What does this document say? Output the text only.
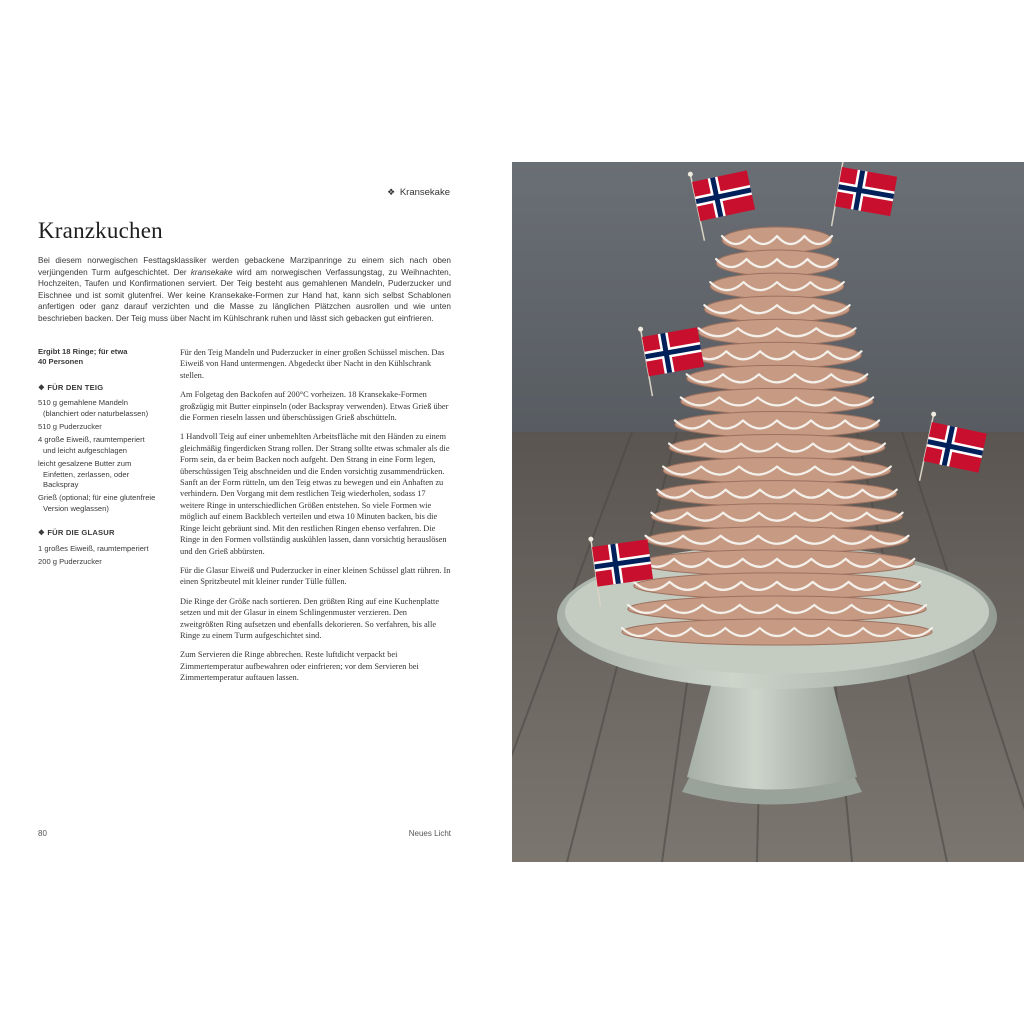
❖ Kransekake
Kranzkuchen

Bei diesem norwegischen Festtagsklassiker werden gebackene Marzipanringe zu einem sich nach oben verjüngenden Turm aufgeschichtet. Der kransekake wird am norwegischen Verfassungstag, zu Weihnachten, Hochzeiten, Taufen und Konfirmationen serviert. Der Teig besteht aus gemahlenen Mandeln, Puderzucker und Eischnee und ist somit glutenfrei. Wer keine Kransekake-Formen zur Hand hat, kann sich selbst Schablonen anfertigen oder ganz darauf verzichten und die Masse zu länglichen Plätzchen ausrollen und wie unten beschrieben backen. Der Teig muss über Nacht im Kühlschrank ruhen und lässt sich gebacken gut einfrieren.

Ergibt 18 Ringe; für etwa
40 Personen
❖ FÜR DEN TEIG
510 g gemahlene Mandeln
(blanchiert oder naturbelassen)
510 g Puderzucker
4 große Eiweiß, raumtemperiert
und leicht aufgeschlagen
leicht gesalzene Butter zum
Einfetten, zerlassen, oder
Backspray
Grieß (optional; für eine glutenfreie
Version weglassen)
❖ FÜR DIE GLASUR
1 großes Eiweiß, raumtemperiert
200 g Puderzucker

Für den Teig Mandeln und Puderzucker in einer großen Schüssel mischen. Das Eiweiß von Hand untermengen. Abgedeckt über Nacht in den Kühlschrank stellen.

Am Folgetag den Backofen auf 200°C vorheizen. 18 Kransekake-Formen großzügig mit Butter einpinseln (oder Backspray verwenden). Etwas Grieß über die Formen rieseln lassen und überschüssigen Grieß abschütteln.

1 Handvoll Teig auf einer unbemehlten Arbeitsfläche mit den Händen zu einem gleichmäßig fingerdicken Strang rollen. Der Strang sollte etwas schmaler als die Form sein, da er beim Backen noch aufgeht. Den Strang in eine Form legen, überschüssigen Teig abschneiden und die Enden vorsichtig zusammendrücken. Sanft an der Form rütteln, um den Teig etwas zu bewegen und ein Anhaften zu verhindern. Den Vorgang mit dem restlichen Teig wiederholen, sodass 17 weitere Ringe in unterschiedlichen Größen entstehen. So viele Formen wie möglich auf einem Backblech verteilen und etwa 10 Minuten backen, bis die Ringe leicht gebräunt sind. Mit den restlichen Ringen ebenso verfahren. Die Ringe in den Formen vollständig auskühlen lassen, dann vorsichtig herauslösen und den Grieß abbürsten.

Für die Glasur Eiweiß und Puderzucker in einer kleinen Schüssel glatt rühren. In einen Spritzbeutel mit kleiner runder Tülle füllen.

Die Ringe der Größe nach sortieren. Den größten Ring auf eine Kuchenplatte setzen und mit der Glasur in einem Schlingenmuster verzieren. Den zweitgrößten Ring aufsetzen und ebenfalls dekorieren. So verfahren, bis alle Ringe zu einem Turm aufgeschichtet sind.

Zum Servieren die Ringe abbrechen. Reste luftdicht verpackt bei Zimmertemperatur aufbewahren oder einfrieren; vor dem Servieren bei Zimmertemperatur auftauen lassen.

80	Neues Licht
